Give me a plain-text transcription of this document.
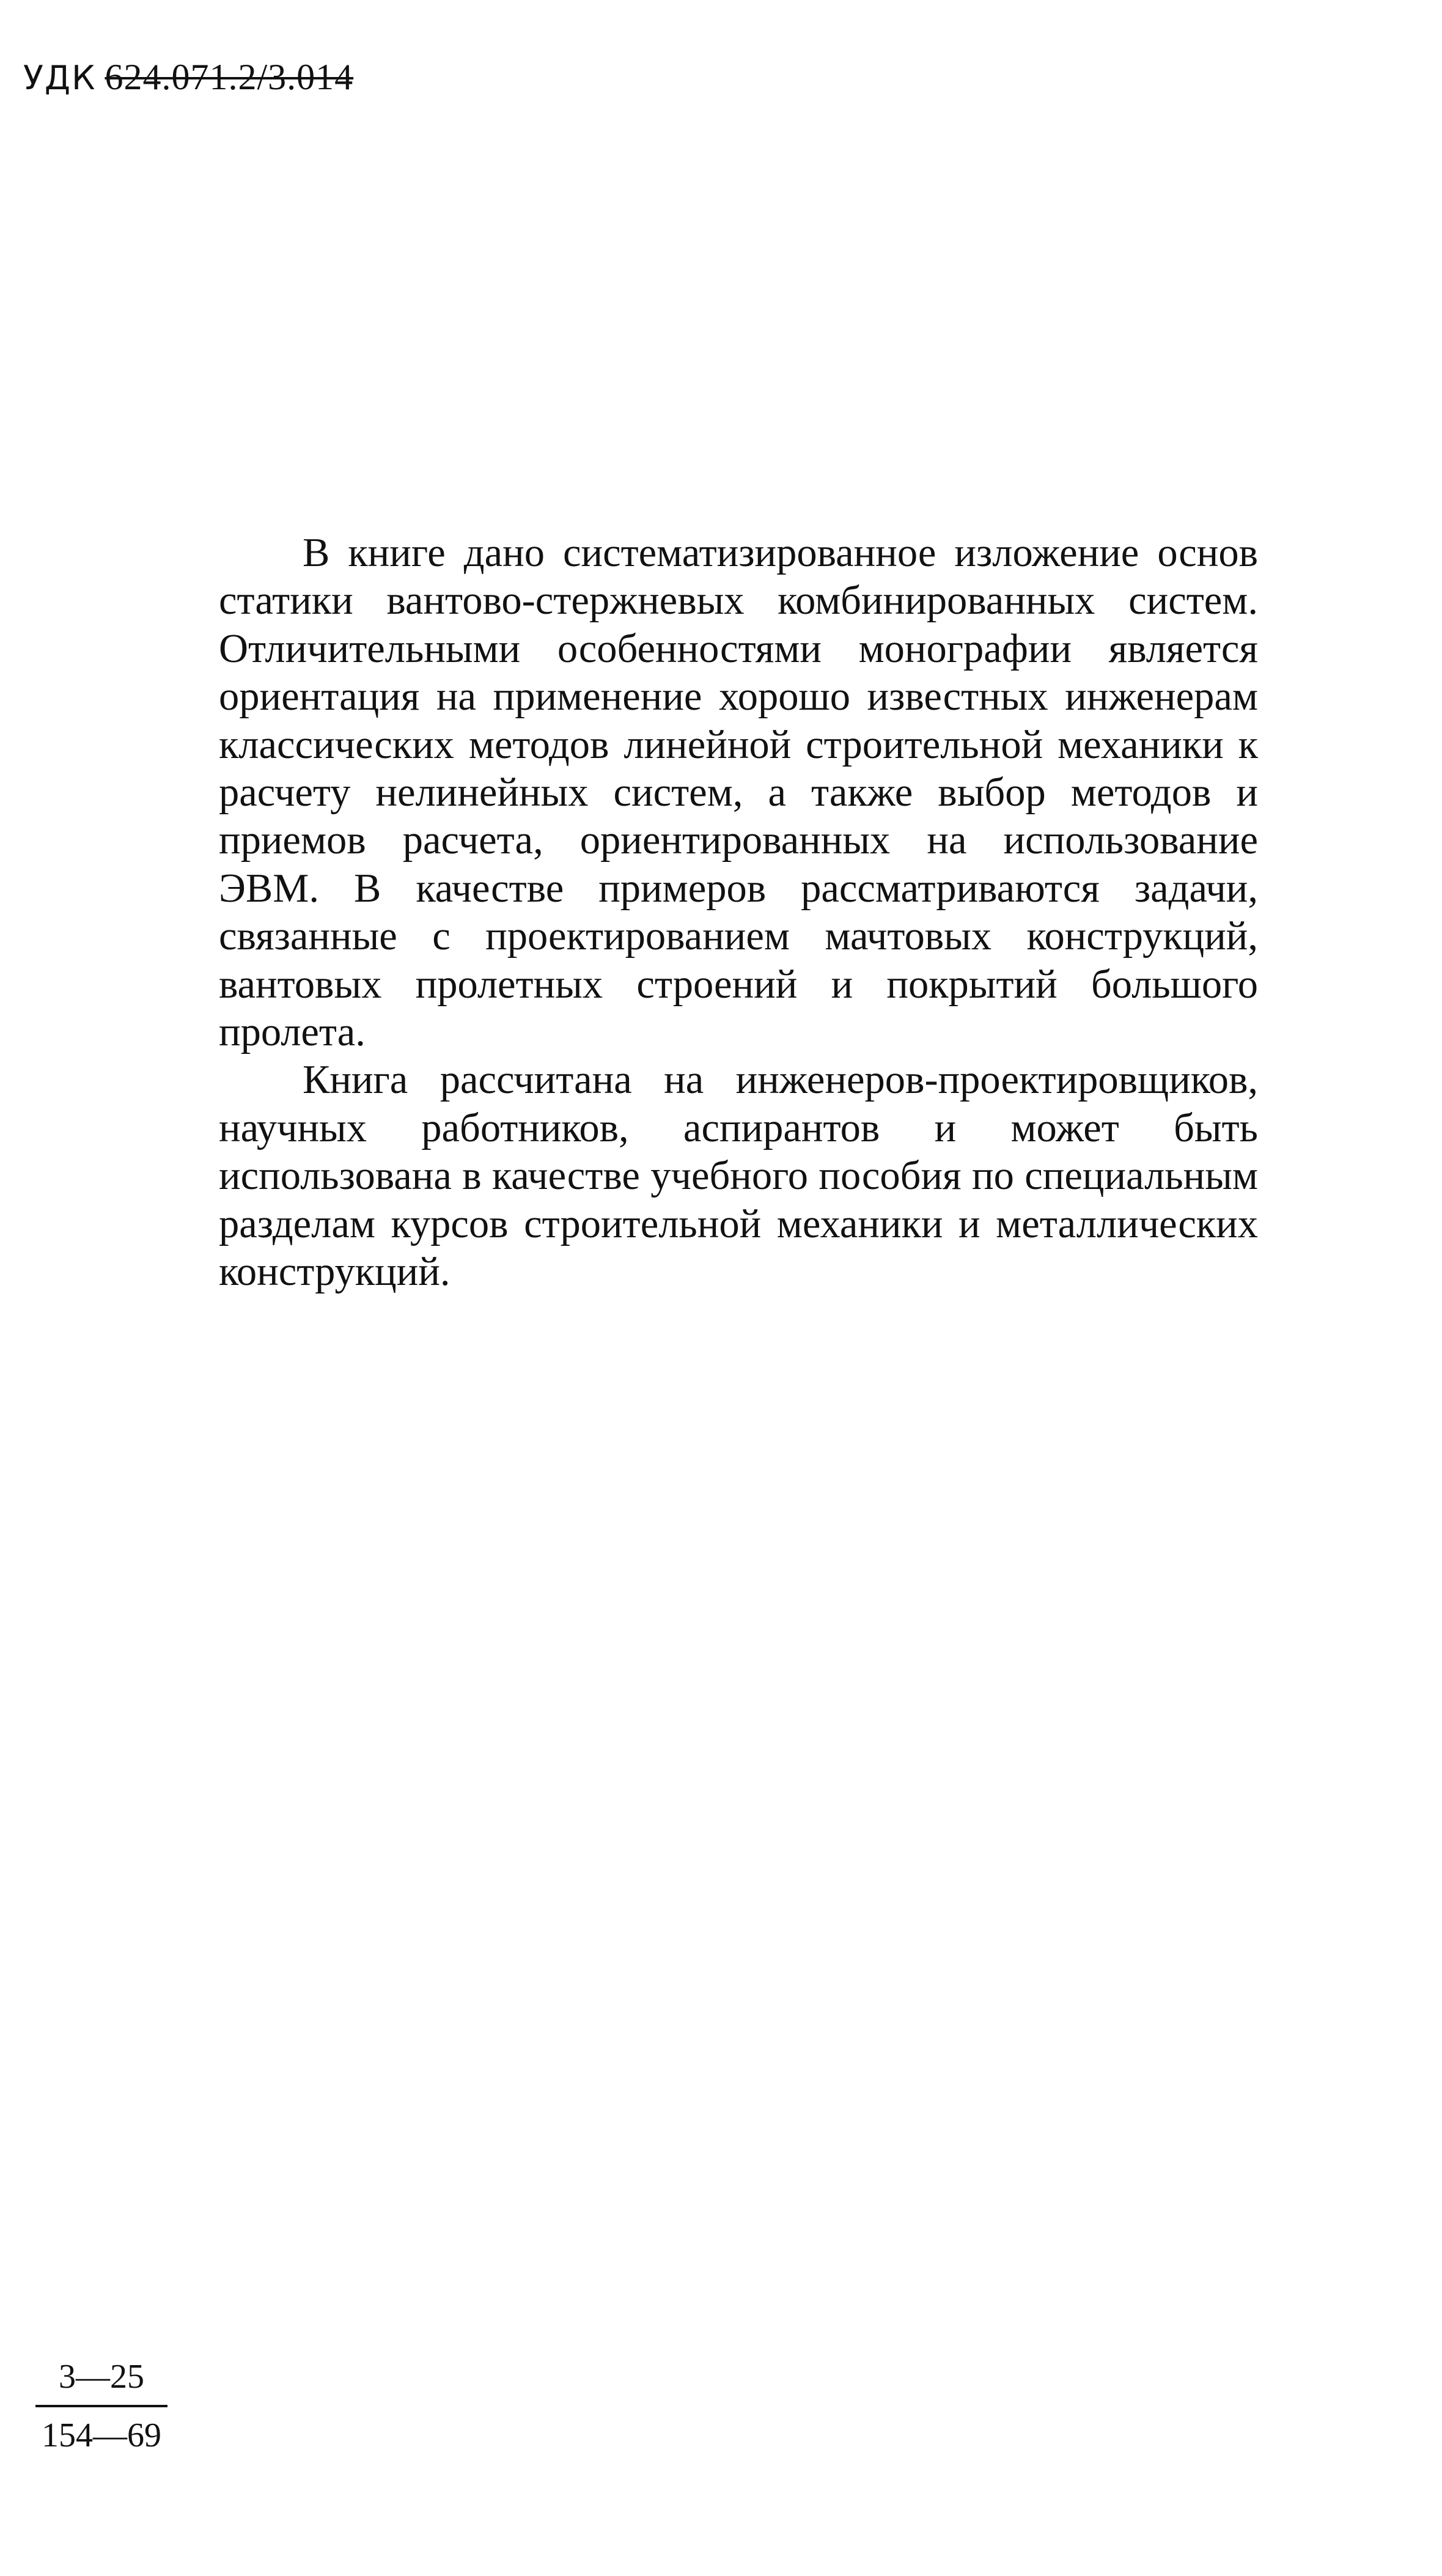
УДК 624.071.2/3.014

В книге дано систематизированное изложение основ статики вантово-стержневых комбинированных систем. Отличительными особенностями монографии является ориентация на применение хорошо известных инженерам классических методов линейной строительной механики к расчету нелинейных систем, а также выбор методов и приемов расчета, ориентированных на использование ЭВМ. В качестве примеров рассматриваются задачи, связанные с проектированием мачтовых конструкций, вантовых пролетных строений и покрытий большого пролета.

Книга рассчитана на инженеров-проектировщиков, научных работников, аспирантов и может быть использована в качестве учебного пособия по специальным разделам курсов строительной механики и металлических конструкций.

3—25
154—69
